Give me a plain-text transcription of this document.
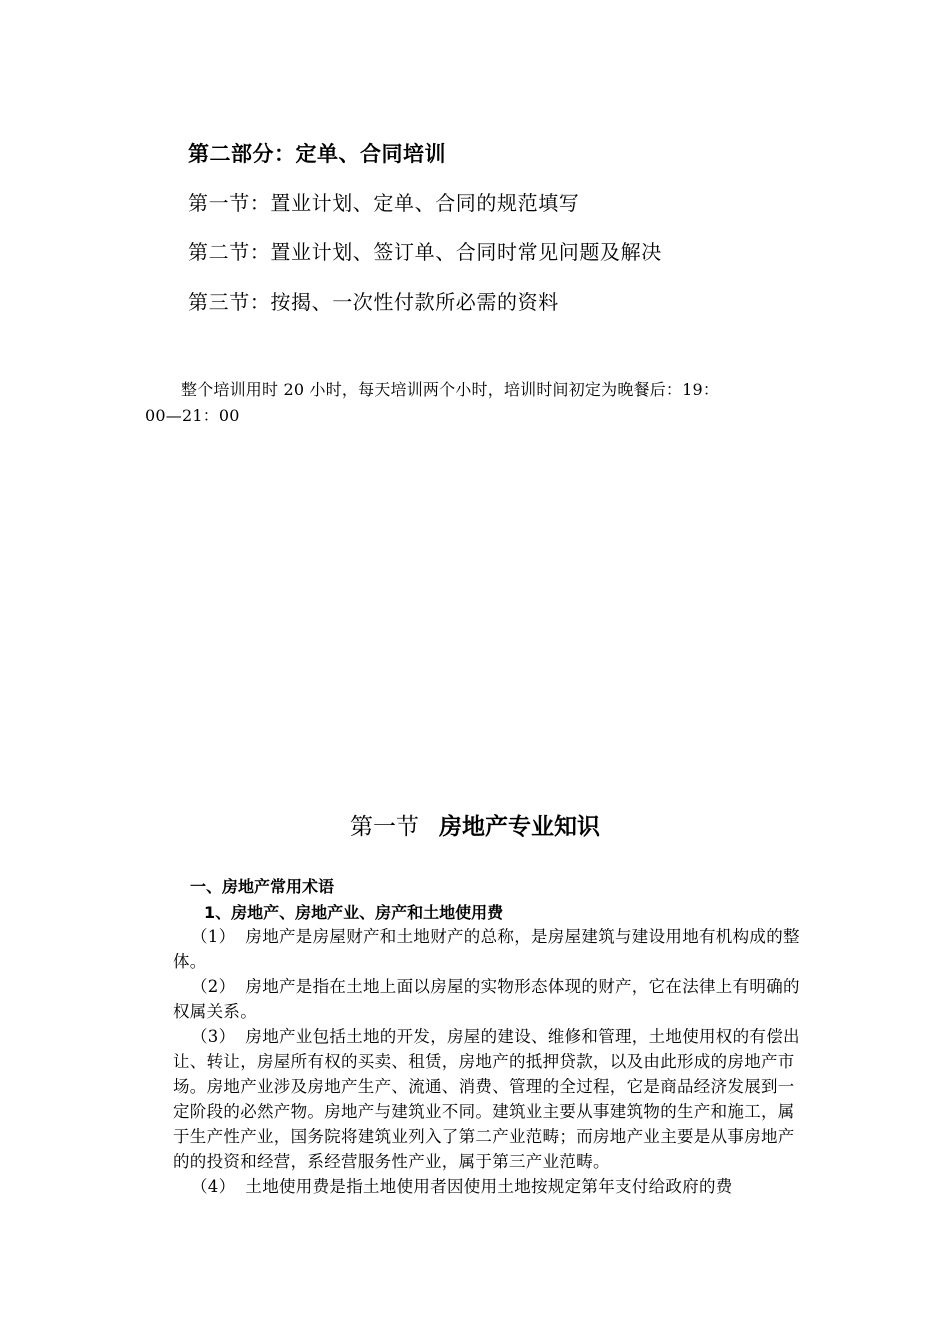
第二部分：定单、合同培训
第一节：置业计划、定单、合同的规范填写
第二节：置业计划、签订单、合同时常见问题及解决
第三节：按揭、一次性付款所必需的资料
整个培训用时 20 小时，每天培训两个小时，培训时间初定为晚餐后：19：
00—21：00
第一节 房地产专业知识
一、房地产常用术语
1、房地产、房地产业、房产和土地使用费

（1） 房地产是房屋财产和土地财产的总称，是房屋建筑与建设用地有机构成的整体。

（2） 房地产是指在土地上面以房屋的实物形态体现的财产，它在法律上有明确的权属关系。

（3） 房地产业包括土地的开发，房屋的建设、维修和管理，土地使用权的有偿出让、转让，房屋所有权的买卖、租赁，房地产的抵押贷款，以及由此形成的房地产市场。房地产业涉及房地产生产、流通、消费、管理的全过程，它是商品经济发展到一定阶段的必然产物。房地产与建筑业不同。建筑业主要从事建筑物的生产和施工，属于生产性产业，国务院将建筑业列入了第二产业范畴；而房地产业主要是从事房地产的的投资和经营，系经营服务性产业，属于第三产业范畴。

（4） 土地使用费是指土地使用者因使用土地按规定第年支付给政府的费
